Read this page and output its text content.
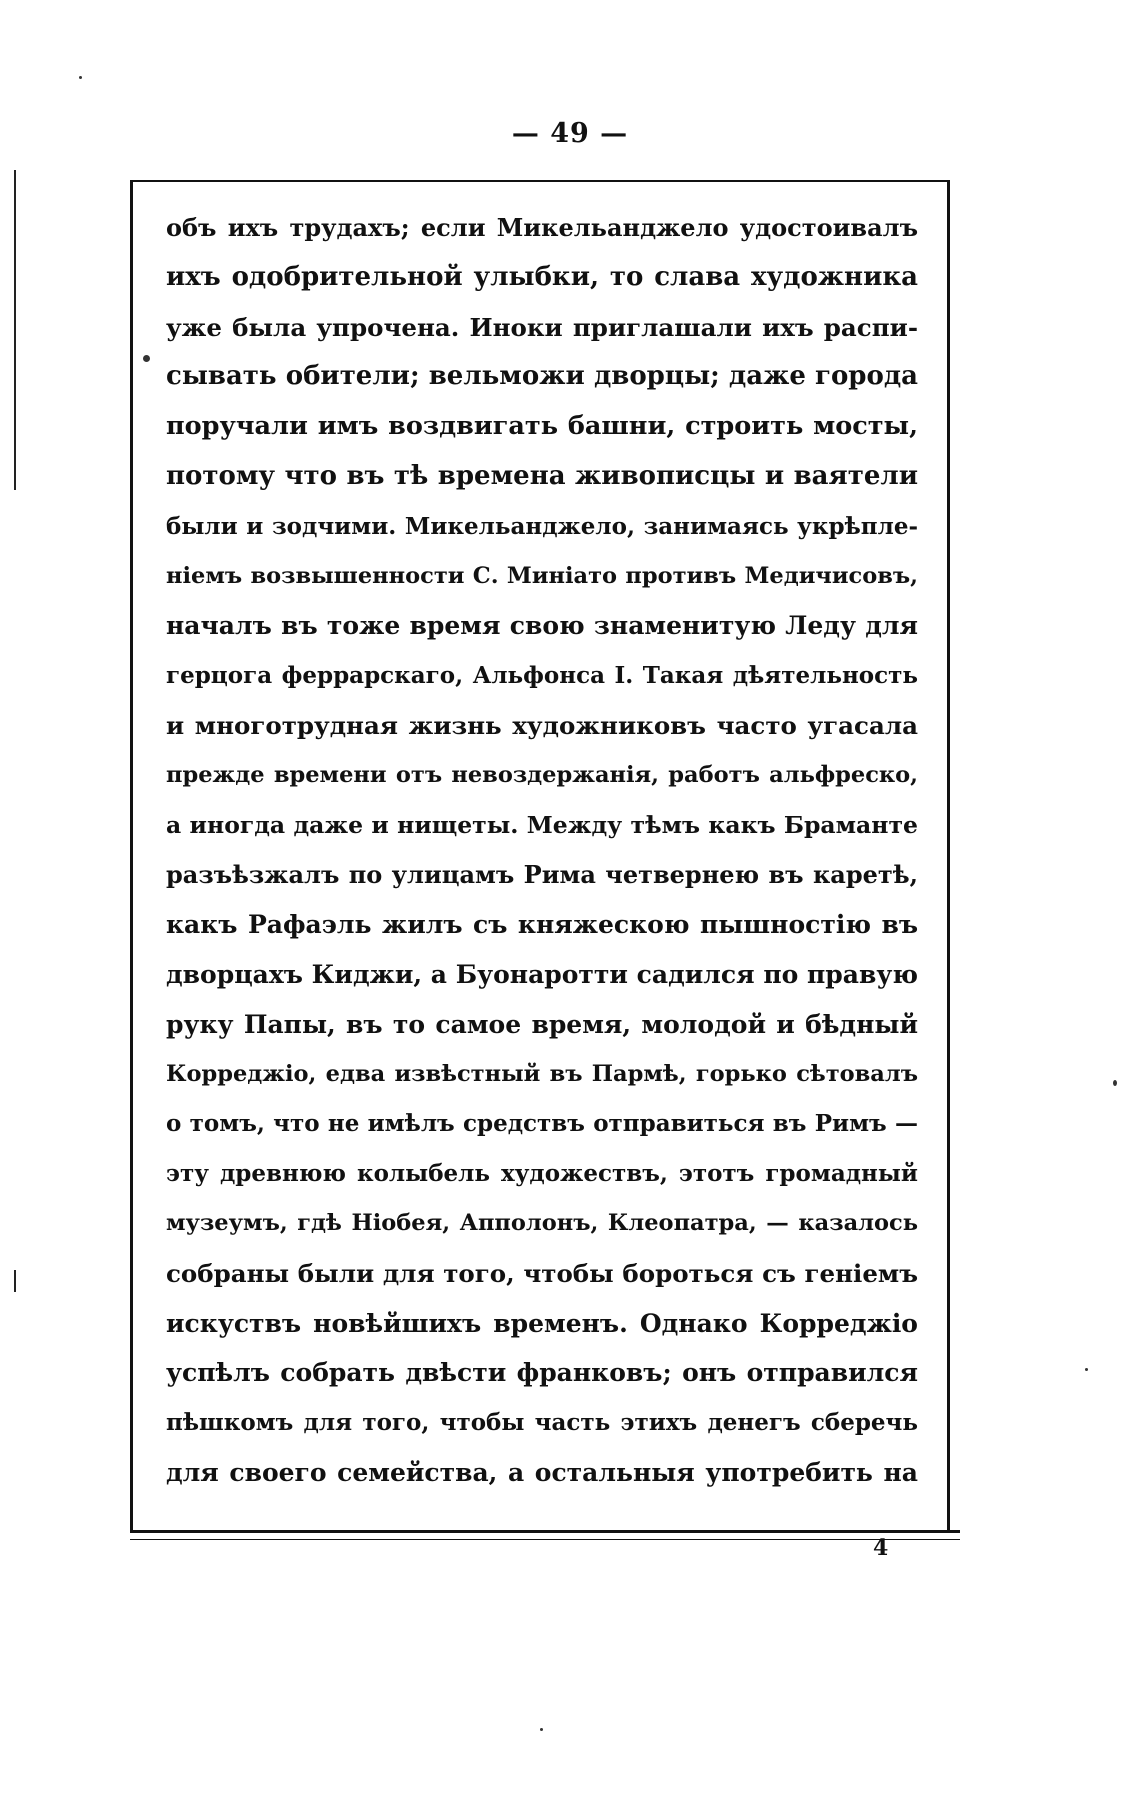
— 49 —
объ ихъ трудахъ; если Микельанджело удостоивалъ
ихъ одобрительной улыбки, то слава художника
уже была упрочена. Иноки приглашали ихъ распи-
сывать обители; вельможи дворцы; даже города
поручали имъ воздвигать башни, строить мосты,
потому что въ тѣ времена живописцы и ваятели
были и зодчими. Микельанджело, занимаясь укрѣпле-
ніемъ возвышенности С. Миніато противъ Медичисовъ,
началъ въ тоже время свою знаменитую Леду для
герцога феррарскаго, Альфонса I. Такая дѣятельность
и многотрудная жизнь художниковъ часто угасала
прежде времени отъ невоздержанія, работъ альфреско,
а иногда даже и нищеты. Между тѣмъ какъ Браманте
разъѣзжалъ по улицамъ Рима четвернею въ каретѣ,
какъ Рафаэль жилъ съ княжескою пышностію въ
дворцахъ Киджи, а Буонаротти садился по правую
руку Папы, въ то самое время, молодой и бѣдный
Корреджіо, едва извѣстный въ Пармѣ, горько сѣтовалъ
о томъ, что не имѣлъ средствъ отправиться въ Римъ —
эту древнюю колыбель художествъ, этотъ громадный
музеумъ, гдѣ Ніобея, Апполонъ, Клеопатра, — казалось
собраны были для того, чтобы бороться съ геніемъ
искуствъ новѣйшихъ временъ. Однако Корреджіо
успѣлъ собрать двѣсти франковъ; онъ отправился
пѣшкомъ для того, чтобы часть этихъ денегъ сберечь
для своего семейства, а остальныя употребить на
4
